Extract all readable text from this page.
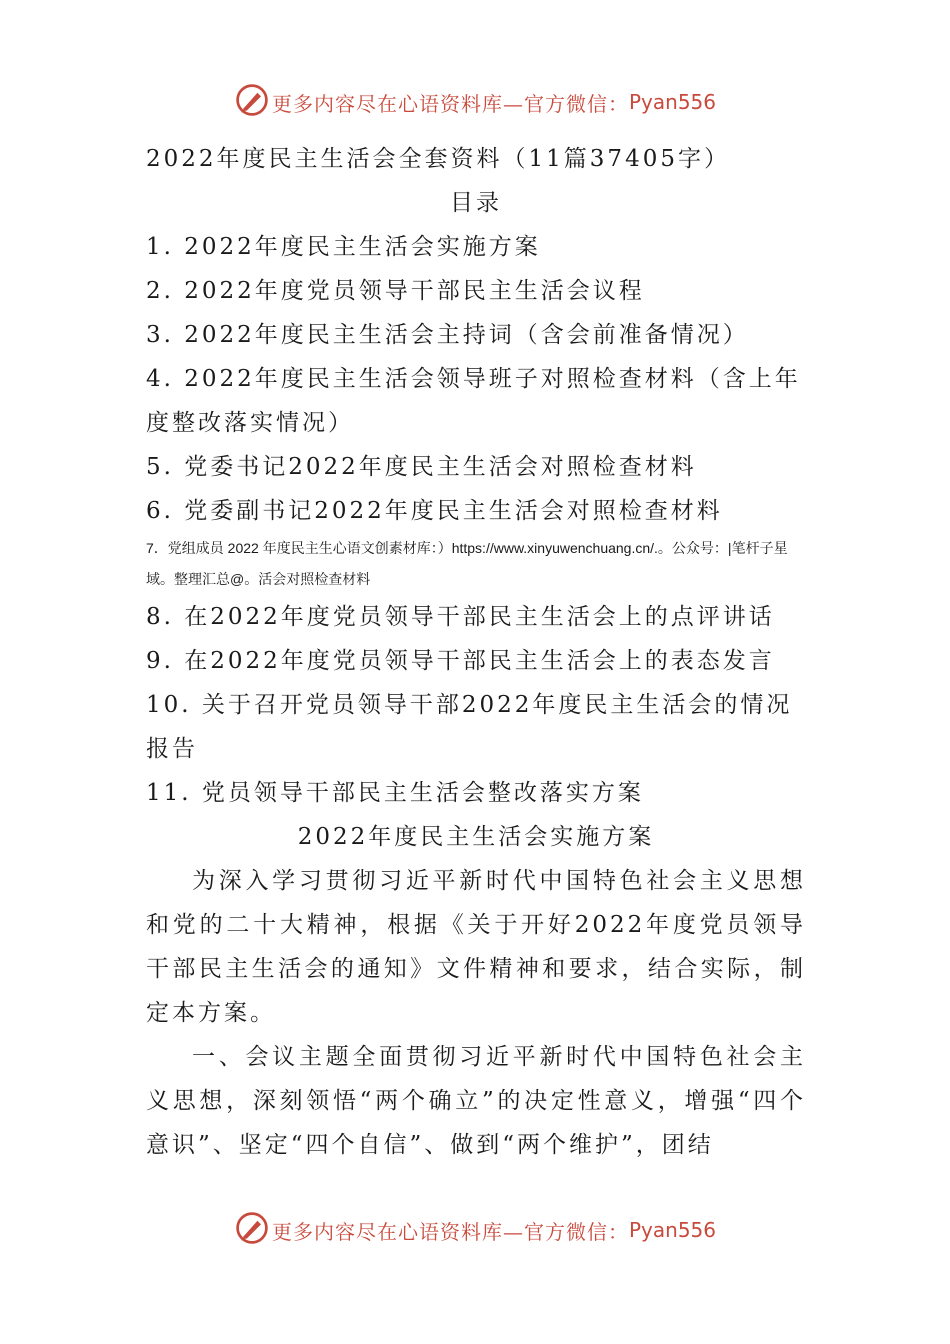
更多内容尽在心语资料库—官方微信： Pyan556
2022年度民主生活会全套资料（11篇37405字）
目录
1. 2022年度民主生活会实施方案
2. 2022年度党员领导干部民主生活会议程
3. 2022年度民主生活会主持词（含会前准备情况）
4. 2022年度民主生活会领导班子对照检查材料（含上年度整改落实情况）
5. 党委书记2022年度民主生活会对照检查材料
6. 党委副书记2022年度民主生活会对照检查材料
7．党组成员 2022 年度民主生心语文创素材库：）https://www.xinyuwenchuang.cn/.。公众号：|笔杆子星域。整理汇总@。活会对照检查材料
8. 在2022年度党员领导干部民主生活会上的点评讲话
9. 在2022年度党员领导干部民主生活会上的表态发言
10. 关于召开党员领导干部2022年度民主生活会的情况报告
11. 党员领导干部民主生活会整改落实方案
2022年度民主生活会实施方案

为深入学习贯彻习近平新时代中国特色社会主义思想和党的二十大精神，根据《关于开好2022年度党员领导干部民主生活会的通知》文件精神和要求，结合实际，制定本方案。

一、会议主题全面贯彻习近平新时代中国特色社会主义思想，深刻领悟“两个确立”的决定性意义，增强“四个意识”、坚定“四个自信”、做到“两个维护”，团结

更多内容尽在心语资料库—官方微信： Pyan556
